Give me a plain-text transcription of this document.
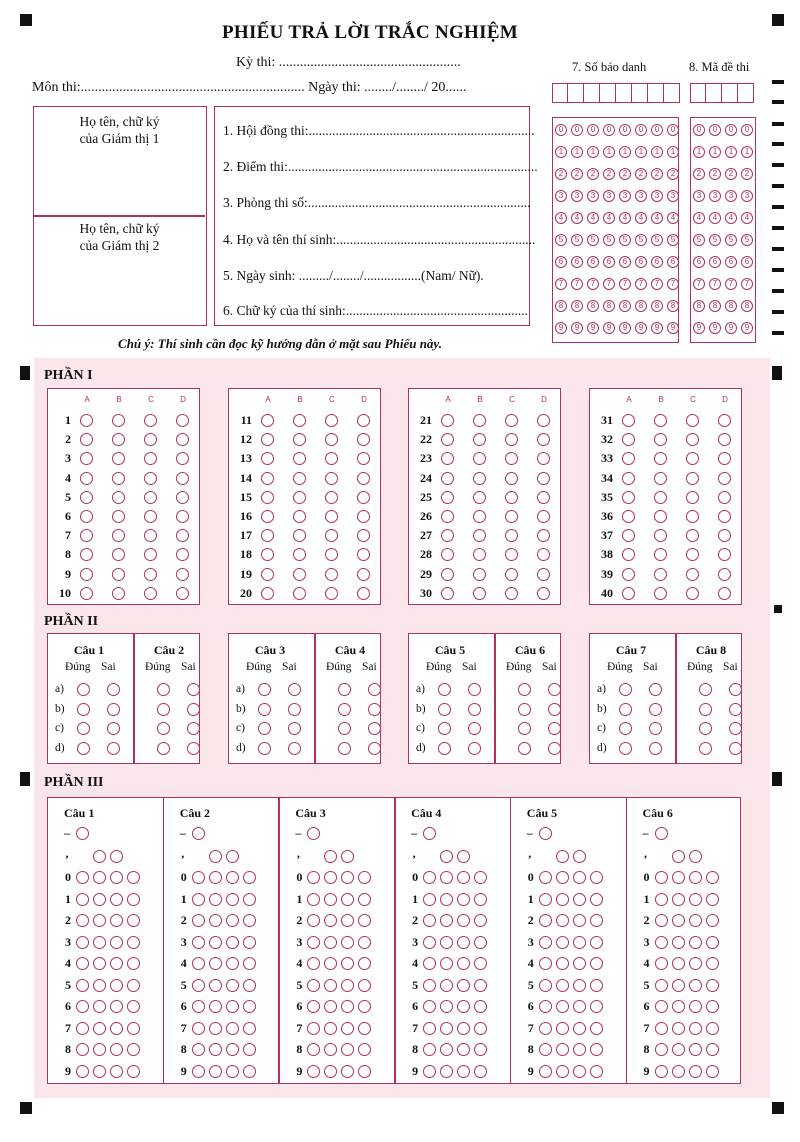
PHIẾU TRẢ LỜI TRẮC NGHIỆM
Kỳ thi: ....................................................
Môn thi:................................................................ Ngày thi: ......../......../ 20......
Họ tên, chữ ký
của Giám thị 1
Họ tên, chữ ký
của Giám thị 2
1. Hội đồng thi:...................................................................
2. Điểm thi:..........................................................................
3. Phòng thi số:..................................................................
4. Họ và tên thí sinh:...........................................................
5. Ngày sinh: ........./......../.................(Nam/ Nữ).
6. Chữ ký của thí sinh:......................................................
7. Số báo danh	8. Mã đề thi
0	0	0	0	0	0	0	0
1	1	1	1	1	1	1	1
2	2	2	2	2	2	2	2
3	3	3	3	3	3	3	3
4	4	4	4	4	4	4	4
5	5	5	5	5	5	5	5
6	6	6	6	6	6	6	6
7	7	7	7	7	7	7	7
8	8	8	8	8	8	8	8
9	9	9	9	9	9	9	9
0	0	0	0
1	1	1	1
2	2	2	2
3	3	3	3
4	4	4	4
5	5	5	5
6	6	6	6
7	7	7	7
8	8	8	8
9	9	9	9
Chú ý: Thí sinh cần đọc kỹ hướng dẫn ở mặt sau Phiếu này.
PHẦN I
A	B	C	D
1
2
3
4
5
6
7
8
9
10
A	B	C	D
11
12
13
14
15
16
17
18
19
20
A	B	C	D
21
22
23
24
25
26
27
28
29
30
A	B	C	D
31
32
33
34
35
36
37
38
39
40
PHẦN II
Câu 1
Đúng Sai
Câu 2
Đúng Sai
a)
b)
c)
d)
Câu 3
Đúng Sai
Câu 4
Đúng Sai
a)
b)
c)
d)
Câu 5
Đúng Sai
Câu 6
Đúng Sai
a)
b)
c)
d)
Câu 7
Đúng Sai
Câu 8
Đúng Sai
a)
b)
c)
d)
PHẦN III
Câu 1
–
,
0
1
2
3
4
5
6
7
8
9
Câu 2
–
,
0
1
2
3
4
5
6
7
8
9
Câu 3
–
,
0
1
2
3
4
5
6
7
8
9
Câu 4
–
,
0
1
2
3
4
5
6
7
8
9
Câu 5
–
,
0
1
2
3
4
5
6
7
8
9
Câu 6
–
,
0
1
2
3
4
5
6
7
8
9
